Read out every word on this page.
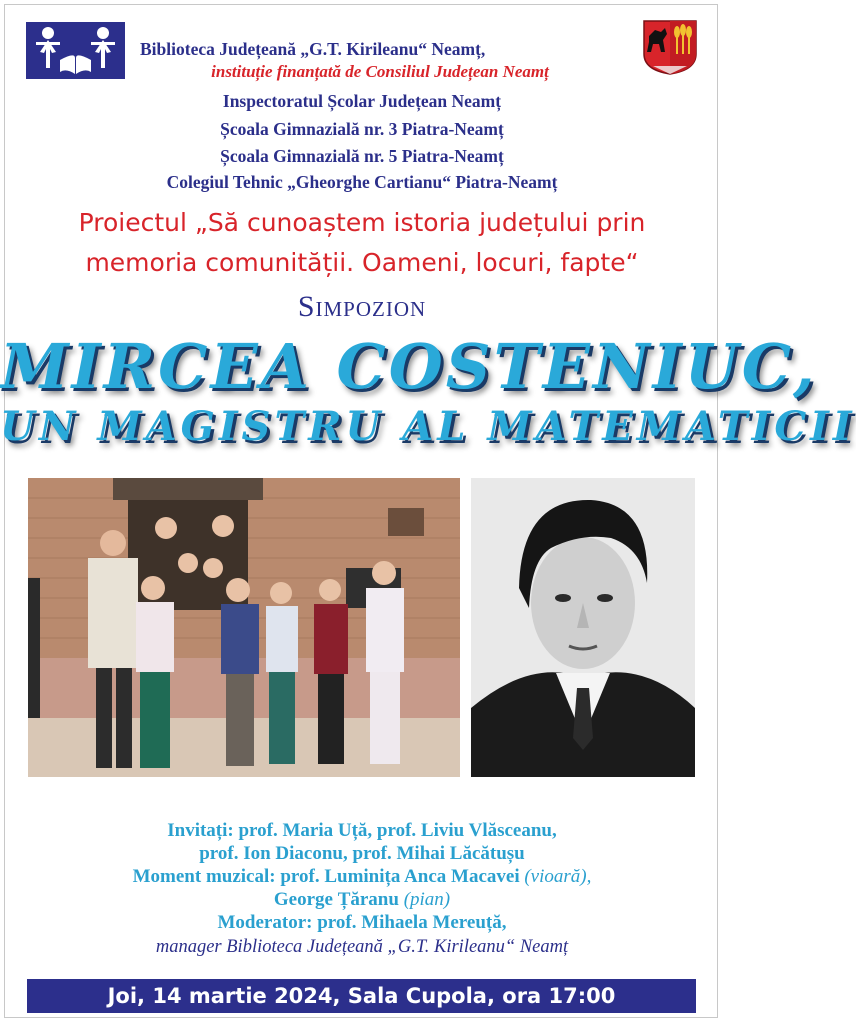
Biblioteca Județeană „G.T. Kirileanu“ Neamț,
instituție finanțată de Consiliul Județean Neamț
Inspectoratul Școlar Județean Neamț
Școala Gimnazială nr. 3 Piatra-Neamț
Școala Gimnazială nr. 5 Piatra-Neamț
Colegiul Tehnic „Gheorghe Cartianu“ Piatra-Neamț
Proiectul „Să cunoaștem istoria județului prin
memoria comunității. Oameni, locuri, fapte“
Simpozion
MIRCEA COSTENIUC,
UN MAGISTRU AL MATEMATICII
Invitați: prof. Maria Uță, prof. Liviu Vlăsceanu,
prof. Ion Diaconu, prof. Mihai Lăcătușu
Moment muzical: prof. Luminița Anca Macavei (vioară),
George Țăranu (pian)
Moderator: prof. Mihaela Mereuță,
manager Biblioteca Județeană „G.T. Kirileanu“ Neamț
Joi, 14 martie 2024, Sala Cupola, ora 17:00
